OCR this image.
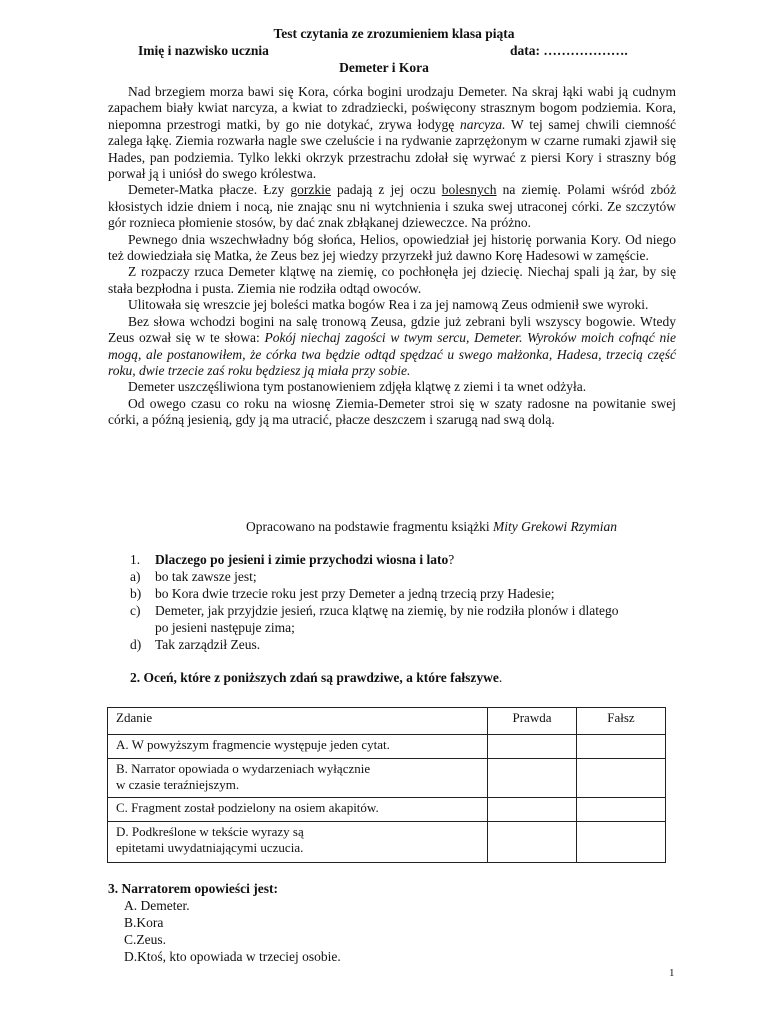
Test czytania ze zrozumieniem klasa piąta
Imię i nazwisko ucznia	data: ……………….
Demeter i Kora

Nad brzegiem morza bawi się Kora, córka bogini urodzaju Demeter. Na skraj łąki wabi ją cudnym zapachem biały kwiat narcyza, a kwiat to zdradziecki, poświęcony strasznym bogom podziemia. Kora, niepomna przestrogi matki, by go nie dotykać, zrywa łodygę narcyza. W tej samej chwili ciemność zalega łąkę. Ziemia rozwarła nagle swe czeluście i na rydwanie zaprzężonym w czarne rumaki zjawił się Hades, pan podziemia. Tylko lekki okrzyk przestrachu zdołał się wyrwać z piersi Kory i straszny bóg porwał ją i uniósł do swego królestwa.

Demeter-Matka płacze. Łzy gorzkie padają z jej oczu bolesnych na ziemię. Polami wśród zbóż kłosistych idzie dniem i nocą, nie znając snu ni wytchnienia i szuka swej utraconej córki. Ze szczytów gór roznieca płomienie stosów, by dać znak zbłąkanej dzieweczce. Na próżno.

Pewnego dnia wszechwładny bóg słońca, Helios, opowiedział jej historię porwania Kory. Od niego też dowiedziała się Matka, że Zeus bez jej wiedzy przyrzekł już dawno Korę Hadesowi w zamęście.

Z rozpaczy rzuca Demeter klątwę na ziemię, co pochłonęła jej dziecię. Niechaj spali ją żar, by się stała bezpłodna i pusta. Ziemia nie rodziła odtąd owoców.

Ulitowała się wreszcie jej boleści matka bogów Rea i za jej namową Zeus odmienił swe wyroki.

Bez słowa wchodzi bogini na salę tronową Zeusa, gdzie już zebrani byli wszyscy bogowie. Wtedy Zeus ozwał się w te słowa: Pokój niechaj zagości w twym sercu, Demeter. Wyroków moich cofnąć nie mogą, ale postanowiłem, że córka twa będzie odtąd spędzać u swego małżonka, Hadesa, trzecią część roku, dwie trzecie zaś roku będziesz ją miała przy sobie.

Demeter uszczęśliwiona tym postanowieniem zdjęła klątwę z ziemi i ta wnet odżyła.

Od owego czasu co roku na wiosnę Ziemia-Demeter stroi się w szaty radosne na powitanie swej córki, a późną jesienią, gdy ją ma utracić, płacze deszczem i szarugą nad swą dolą.

Opracowano na podstawie fragmentu książki Mity Grekowi Rzymian
1. Dlaczego po jesieni i zimie przychodzi wiosna i lato?
a)	bo tak zawsze jest;
b)	bo Kora dwie trzecie roku jest przy Demeter a jedną trzecią przy Hadesie;
c)	Demeter, jak przyjdzie jesień, rzuca klątwę na ziemię, by nie rodziła plonów i dlatego
po jesieni następuje zima;
d)	Tak zarządził Zeus.
2. Oceń, które z poniższych zdań są prawdziwe, a które fałszywe.
Zdanie	Prawda	Fałsz
A. W powyższym fragmencie występuje jeden cytat.		

B. Narrator opowiada o wydarzeniach wyłącznie
w czasie teraźniejszym.		

C. Fragment został podzielony na osiem akapitów.		

D. Podkreślone w tekście wyrazy są
epitetami uwydatniającymi uczucia.		

3. Narratorem opowieści jest:
A. Demeter.
B.Kora
C.Zeus.
D.Ktoś, kto opowiada w trzeciej osobie.
1
